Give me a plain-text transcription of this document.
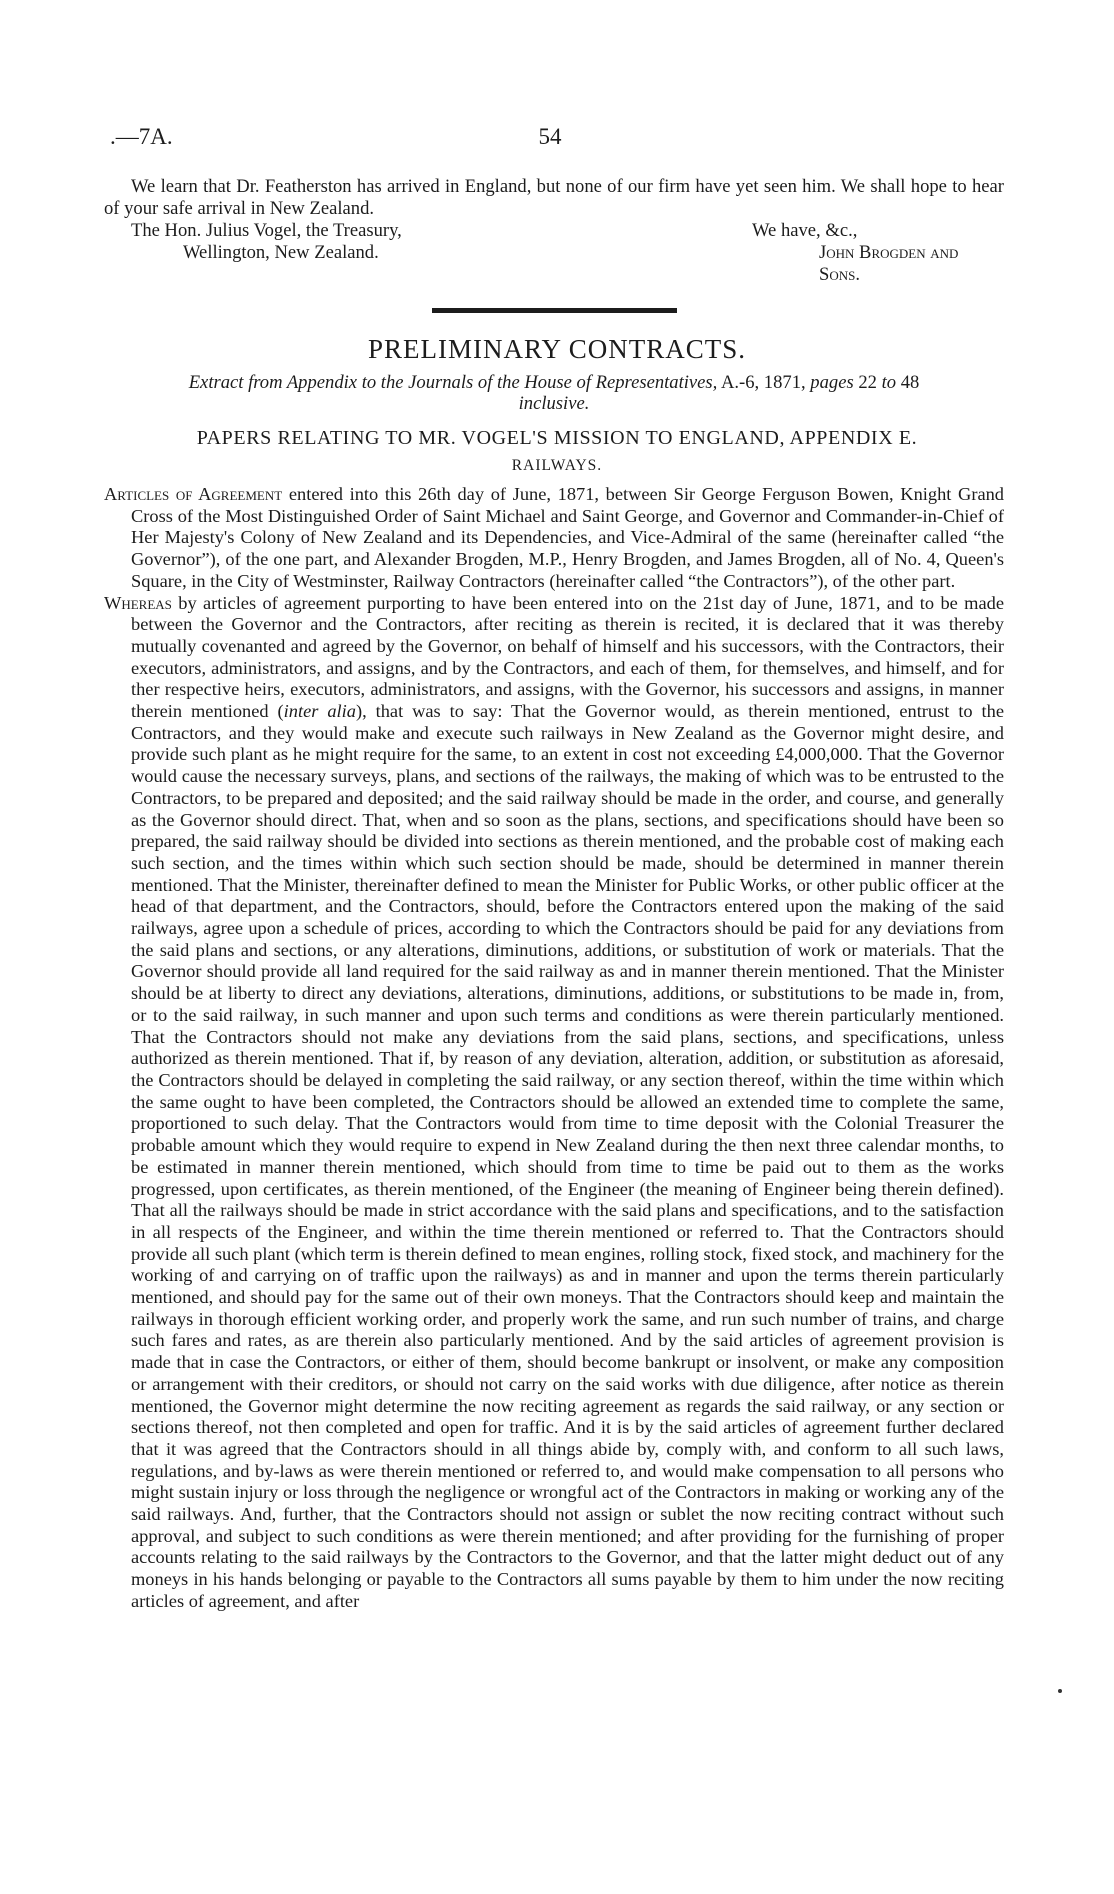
.—7A.	54

We learn that Dr. Featherston has arrived in England, but none of our firm have yet seen him. We shall hope to hear of your safe arrival in New Zealand.

The Hon. Julius Vogel, the Treasury,
Wellington, New Zealand.
We have, &c.,
John Brogden and Sons.
PRELIMINARY CONTRACTS.
Extract from Appendix to the Journals of the House of Representatives, A.-6, 1871, pages 22 to 48
inclusive.
PAPERS RELATING TO MR. VOGEL'S MISSION TO ENGLAND, APPENDIX E.
RAILWAYS.

Articles of Agreement entered into this 26th day of June, 1871, between Sir George Ferguson Bowen, Knight Grand Cross of the Most Distinguished Order of Saint Michael and Saint George, and Governor and Commander-in-Chief of Her Majesty's Colony of New Zealand and its Dependencies, and Vice-Admiral of the same (hereinafter called “the Governor”), of the one part, and Alexander Brogden, M.P., Henry Brogden, and James Brogden, all of No. 4, Queen's Square, in the City of Westminster, Railway Contractors (hereinafter called “the Contractors”), of the other part.

Whereas by articles of agreement purporting to have been entered into on the 21st day of June, 1871, and to be made between the Governor and the Contractors, after reciting as therein is recited, it is declared that it was thereby mutually covenanted and agreed by the Governor, on behalf of himself and his successors, with the Contractors, their executors, administrators, and assigns, and by the Contractors, and each of them, for themselves, and himself, and for ther respective heirs, executors, administrators, and assigns, with the Governor, his successors and assigns, in manner therein mentioned (inter alia), that was to say: That the Governor would, as therein mentioned, entrust to the Contractors, and they would make and execute such railways in New Zealand as the Governor might desire, and provide such plant as he might require for the same, to an extent in cost not exceeding £4,000,000. That the Governor would cause the necessary surveys, plans, and sections of the railways, the making of which was to be entrusted to the Contractors, to be prepared and deposited; and the said railway should be made in the order, and course, and generally as the Governor should direct. That, when and so soon as the plans, sections, and specifications should have been so prepared, the said railway should be divided into sections as therein mentioned, and the probable cost of making each such section, and the times within which such section should be made, should be determined in manner therein mentioned. That the Minister, thereinafter defined to mean the Minister for Public Works, or other public officer at the head of that department, and the Contractors, should, before the Contractors entered upon the making of the said railways, agree upon a schedule of prices, according to which the Contractors should be paid for any deviations from the said plans and sections, or any alterations, diminutions, additions, or substitution of work or materials. That the Governor should provide all land required for the said railway as and in manner therein mentioned. That the Minister should be at liberty to direct any deviations, alterations, diminutions, additions, or substitutions to be made in, from, or to the said railway, in such manner and upon such terms and conditions as were therein particularly mentioned. That the Contractors should not make any deviations from the said plans, sections, and specifications, unless authorized as therein mentioned. That if, by reason of any deviation, alteration, addition, or substitution as aforesaid, the Contractors should be delayed in completing the said railway, or any section thereof, within the time within which the same ought to have been completed, the Contractors should be allowed an extended time to complete the same, proportioned to such delay. That the Contractors would from time to time deposit with the Colonial Treasurer the probable amount which they would require to expend in New Zealand during the then next three calendar months, to be estimated in manner therein mentioned, which should from time to time be paid out to them as the works progressed, upon certificates, as therein mentioned, of the Engineer (the meaning of Engineer being therein defined). That all the railways should be made in strict accordance with the said plans and specifications, and to the satisfaction in all respects of the Engineer, and within the time therein mentioned or referred to. That the Contractors should provide all such plant (which term is therein defined to mean engines, rolling stock, fixed stock, and machinery for the working of and carrying on of traffic upon the railways) as and in manner and upon the terms therein particularly mentioned, and should pay for the same out of their own moneys. That the Contractors should keep and maintain the railways in thorough efficient working order, and properly work the same, and run such number of trains, and charge such fares and rates, as are therein also particularly mentioned. And by the said articles of agreement provision is made that in case the Contractors, or either of them, should become bankrupt or insolvent, or make any composition or arrangement with their creditors, or should not carry on the said works with due diligence, after notice as therein mentioned, the Governor might determine the now reciting agreement as regards the said railway, or any section or sections thereof, not then completed and open for traffic. And it is by the said articles of agreement further declared that it was agreed that the Contractors should in all things abide by, comply with, and conform to all such laws, regulations, and by-laws as were therein mentioned or referred to, and would make compensation to all persons who might sustain injury or loss through the negligence or wrongful act of the Contractors in making or working any of the said railways. And, further, that the Contractors should not assign or sublet the now reciting contract without such approval, and subject to such conditions as were therein mentioned; and after providing for the furnishing of proper accounts relating to the said railways by the Contractors to the Governor, and that the latter might deduct out of any moneys in his hands belonging or payable to the Contractors all sums payable by them to him under the now reciting articles of agreement, and after
